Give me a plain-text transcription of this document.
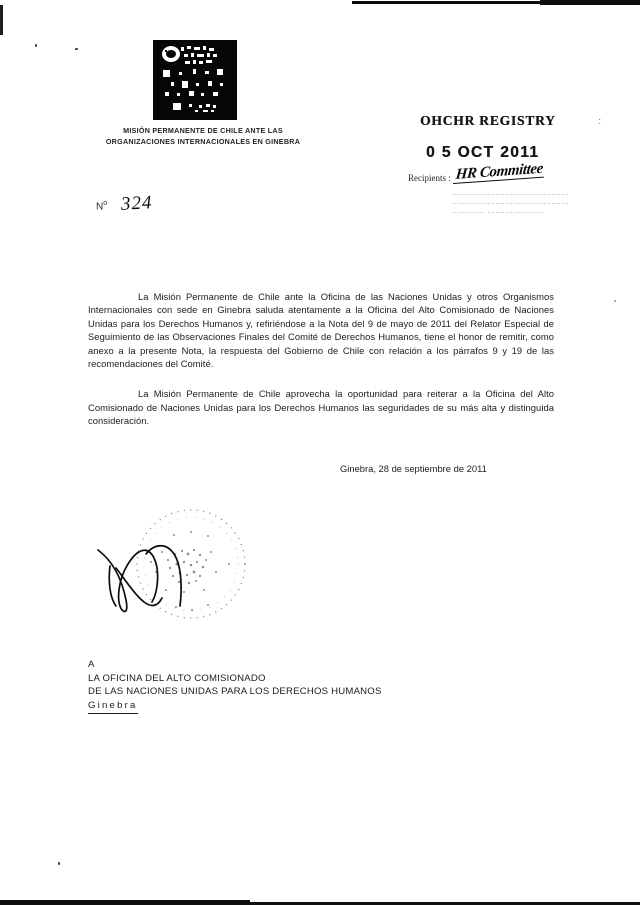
MISIÓN PERMANENTE DE CHILE ANTE LAS
ORGANIZACIONES INTERNACIONALES EN GINEBRA
$N^o$ 324
OHCHR REGISTRY	:
0 5 OCT 2011
Recipients : HR Committee
..............................................
..............................................
............. ......................

La Misión Permanente de Chile ante la Oficina de las Naciones Unidas y otros Organismos Internacionales con sede en Ginebra saluda atentamente a la Oficina del Alto Comisionado de Naciones Unidas para los Derechos Humanos y, refiriéndose a la Nota del 9 de mayo de 2011 del Relator Especial de Seguimiento de las Observaciones Finales del Comité de Derechos Humanos, tiene el honor de remitir, como anexo a la presente Nota, la respuesta del Gobierno de Chile con relación a los párrafos 9 y 19 de las recomendaciones del Comité.

La Misión Permanente de Chile aprovecha la oportunidad para reiterar a la Oficina del Alto Comisionado de Naciones Unidas para los Derechos Humanos las seguridades de su más alta y distinguida consideración.

Ginebra, 28 de septiembre de 2011
A
LA OFICINA DEL ALTO COMISIONADO
DE LAS NACIONES UNIDAS PARA LOS DERECHOS HUMANOS
Ginebra
